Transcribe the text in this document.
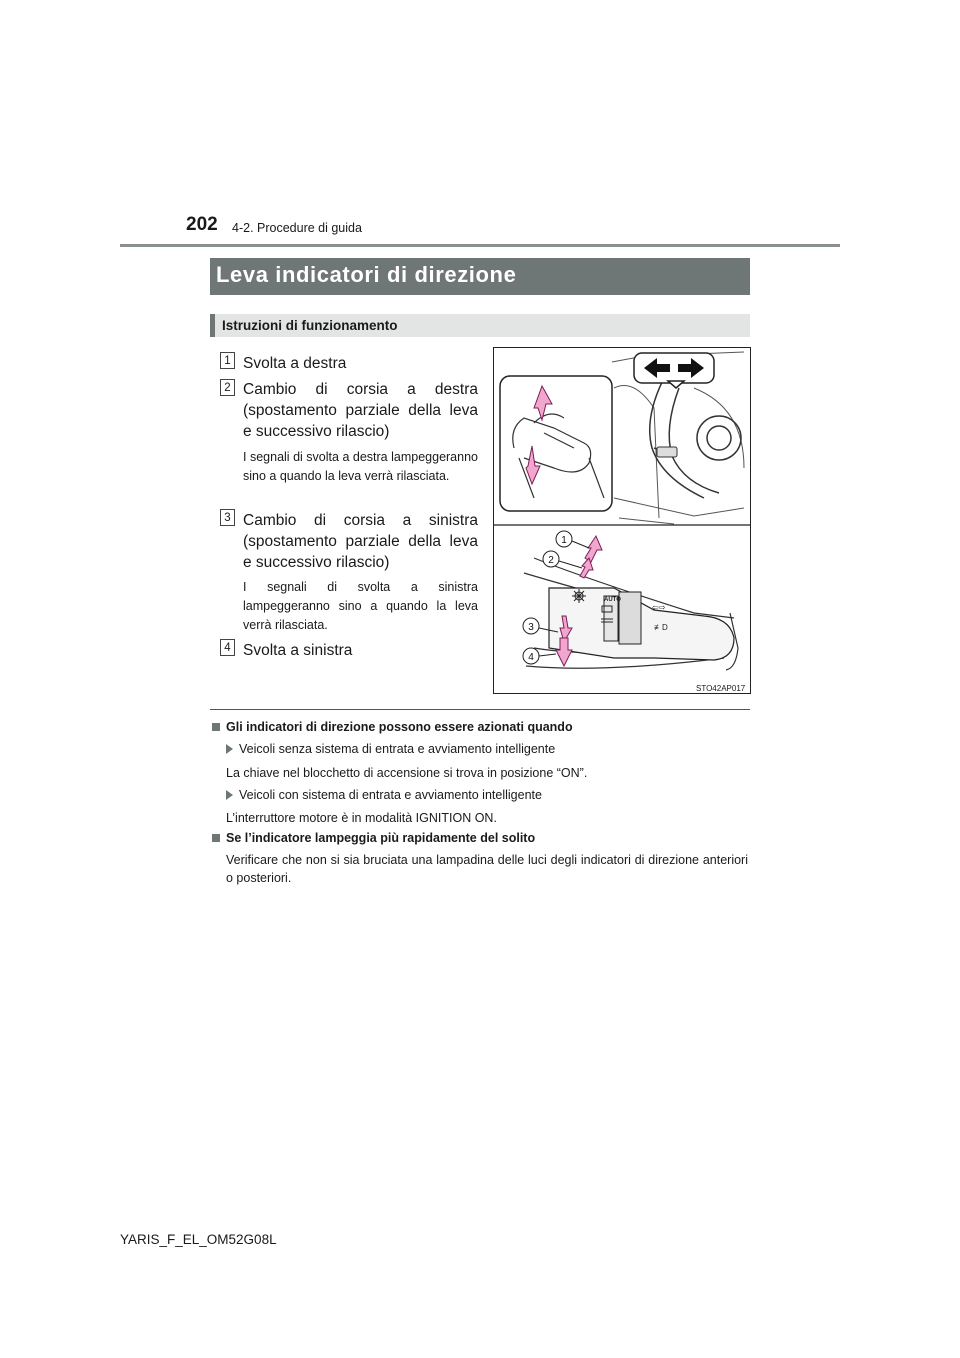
202 4-2. Procedure di guida
Leva indicatori di direzione
Istruzioni di funzionamento
1 Svolta a destra
2 Cambio di corsia a destra (spostamento parziale della leva e successivo rilascio)
I segnali di svolta a destra lampeggeranno sino a quando la leva verrà rilasciata.
3 Cambio di corsia a sinistra (spostamento parziale della leva e successivo rilascio)
I segnali di svolta a sinistra lampeggeranno sino a quando la leva verrà rilasciata.
4 Svolta a sinistra
AUTO
⇦⇨
≢D
1
2
3
4
STO42AP017
Gli indicatori di direzione possono essere azionati quando
Veicoli senza sistema di entrata e avviamento intelligente
La chiave nel blocchetto di accensione si trova in posizione “ON”.
Veicoli con sistema di entrata e avviamento intelligente
L’interruttore motore è in modalità IGNITION ON.
Se l’indicatore lampeggia più rapidamente del solito
Verificare che non si sia bruciata una lampadina delle luci degli indicatori di direzione anteriori o posteriori.
YARIS_F_EL_OM52G08L
